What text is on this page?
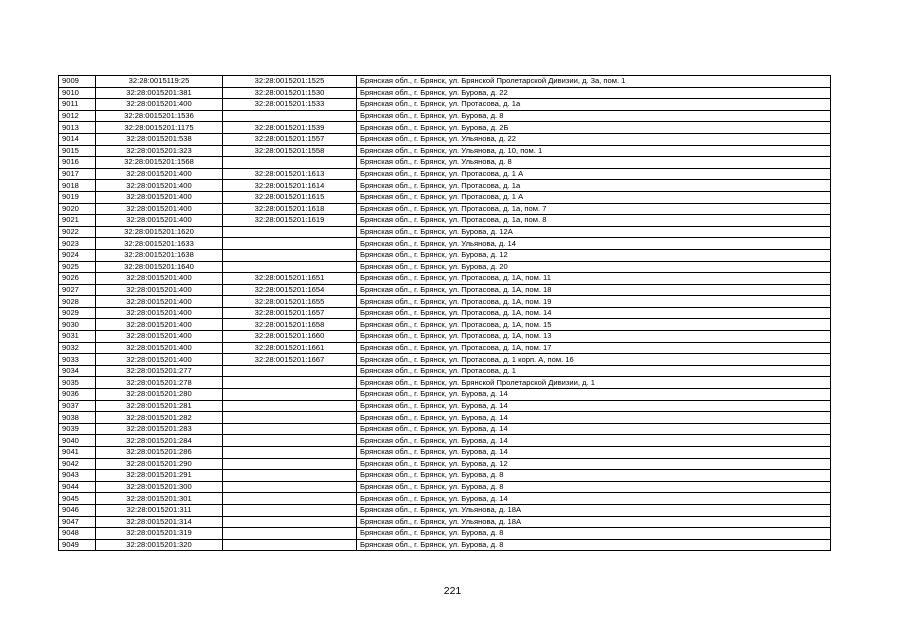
9009	32:28:0015119:25	32:28:0015201:1525	Брянская обл., г. Брянск, ул. Брянской Пролетарской Дивизии, д. 3а, пом. 1
9010	32:28:0015201:381	32:28:0015201:1530	Брянская обл., г. Брянск, ул. Бурова, д. 22
9011	32:28:0015201:400	32:28:0015201:1533	Брянская обл., г. Брянск, ул. Протасова, д. 1а
9012	32:28:0015201:1536		Брянская обл., г. Брянск, ул. Бурова, д. 8
9013	32:28:0015201:1175	32:28:0015201:1539	Брянская обл., г. Брянск, ул. Бурова, д. 2Б
9014	32:28:0015201:538	32:28:0015201:1557	Брянская обл., г. Брянск, ул. Ульянова, д. 22
9015	32:28:0015201:323	32:28:0015201:1558	Брянская обл., г. Брянск, ул. Ульянова, д. 10, пом. 1
9016	32:28:0015201:1568		Брянская обл., г. Брянск, ул. Ульянова, д. 8
9017	32:28:0015201:400	32:28:0015201:1613	Брянская обл., г. Брянск, ул. Протасова, д. 1 А
9018	32:28:0015201:400	32:28:0015201:1614	Брянская обл., г. Брянск, ул. Протасова, д. 1а
9019	32:28:0015201:400	32:28:0015201:1615	Брянская обл., г. Брянск, ул. Протасова, д. 1 А
9020	32:28:0015201:400	32:28:0015201:1618	Брянская обл., г. Брянск, ул. Протасова, д. 1а, пом. 7
9021	32:28:0015201:400	32:28:0015201:1619	Брянская обл., г. Брянск, ул. Протасова, д. 1а, пом. 8
9022	32:28:0015201:1620		Брянская обл., г. Брянск, ул. Бурова, д. 12А
9023	32:28:0015201:1633		Брянская обл., г. Брянск, ул. Ульянова, д. 14
9024	32:28:0015201:1638		Брянская обл., г. Брянск, ул. Бурова, д. 12
9025	32:28:0015201:1640		Брянская обл., г. Брянск, ул. Бурова, д. 20
9026	32:28:0015201:400	32:28:0015201:1651	Брянская обл., г. Брянск, ул. Протасова, д. 1А, пом. 11
9027	32:28:0015201:400	32:28:0015201:1654	Брянская обл., г. Брянск, ул. Протасова, д. 1А, пом. 18
9028	32:28:0015201:400	32:28:0015201:1655	Брянская обл., г. Брянск, ул. Протасова, д. 1А, пом. 19
9029	32:28:0015201:400	32:28:0015201:1657	Брянская обл., г. Брянск, ул. Протасова, д. 1А, пом. 14
9030	32:28:0015201:400	32:28:0015201:1658	Брянская обл., г. Брянск, ул. Протасова, д. 1А, пом. 15
9031	32:28:0015201:400	32:28:0015201:1660	Брянская обл., г. Брянск, ул. Протасова, д. 1А, пом. 13
9032	32:28:0015201:400	32:28:0015201:1661	Брянская обл., г. Брянск, ул. Протасова, д. 1А, пом. 17
9033	32:28:0015201:400	32:28:0015201:1667	Брянская обл., г. Брянск, ул. Протасова, д. 1 корп. А, пом. 16
9034	32:28:0015201:277		Брянская обл., г. Брянск, ул. Протасова, д. 1
9035	32:28:0015201:278		Брянская обл., г. Брянск, ул. Брянской Пролетарской Дивизии, д. 1
9036	32:28:0015201:280		Брянская обл., г. Брянск, ул. Бурова, д. 14
9037	32:28:0015201:281		Брянская обл., г. Брянск, ул. Бурова, д. 14
9038	32:28:0015201:282		Брянская обл., г. Брянск, ул. Бурова, д. 14
9039	32:28:0015201:283		Брянская обл., г. Брянск, ул. Бурова, д. 14
9040	32:28:0015201:284		Брянская обл., г. Брянск, ул. Бурова, д. 14
9041	32:28:0015201:286		Брянская обл., г. Брянск, ул. Бурова, д. 14
9042	32:28:0015201:290		Брянская обл., г. Брянск, ул. Бурова, д. 12
9043	32:28:0015201:291		Брянская обл., г. Брянск, ул. Бурова, д. 8
9044	32:28:0015201:300		Брянская обл., г. Брянск, ул. Бурова, д. 8
9045	32:28:0015201:301		Брянская обл., г. Брянск, ул. Бурова, д. 14
9046	32:28:0015201:311		Брянская обл., г. Брянск, ул. Ульянова, д. 18А
9047	32:28:0015201:314		Брянская обл., г. Брянск, ул. Ульянова, д. 18А
9048	32:28:0015201:319		Брянская обл., г. Брянск, ул. Бурова, д. 8
9049	32:28:0015201:320		Брянская обл., г. Брянск, ул. Бурова, д. 8
221
